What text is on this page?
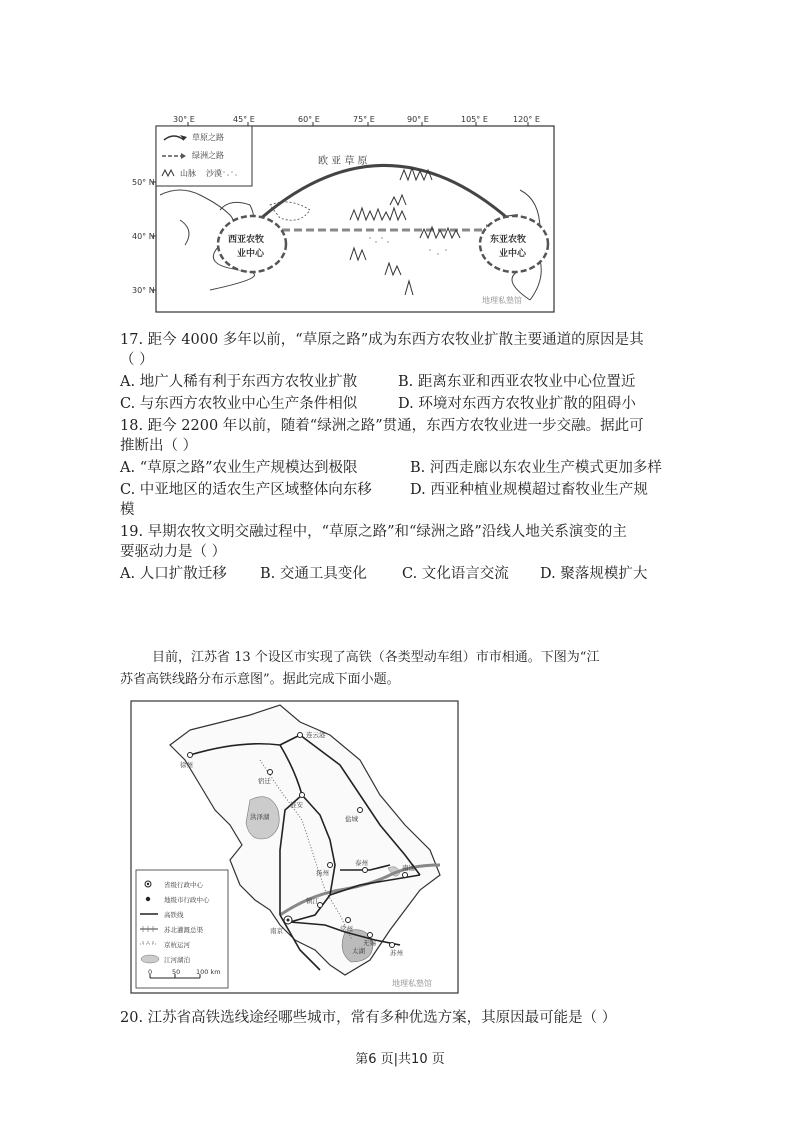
30° E	45° E	60° E	75° E	90° E	105° E	120° E
50° N
40° N
30° N
草原之路
绿洲之路
山脉 沙漠
欧 亚 草 原
西亚农牧
业中心
东亚农牧
业中心
地理私塾馆
17. 距今 4000 多年以前，“草原之路”成为东西方农牧业扩散主要通道的原因是其
（ ）
A. 地广人稀有利于东西方农牧业扩散	B. 距离东亚和西亚农牧业中心位置近
C. 与东西方农牧业中心生产条件相似	D. 环境对东西方农牧业扩散的阻碍小
18. 距今 2200 年以前，随着“绿洲之路”贯通，东西方农牧业进一步交融。据此可
推断出（ ）
A. “草原之路”农业生产规模达到极限	B. 河西走廊以东农业生产模式更加多样
C. 中亚地区的适农生产区域整体向东移	D. 西亚种植业规模超过畜牧业生产规
模
19. 早期农牧文明交融过程中，“草原之路”和“绿洲之路”沿线人地关系演变的主
要驱动力是（ ）
A. 人口扩散迁移 B. 交通工具变化 C. 文化语言交流 D. 聚落规模扩大
目前，江苏省 13 个设区市实现了高铁（各类型动车组）市市相通。下图为“江
苏省高铁线路分布示意图”。据此完成下面小题。
省级行政中心
地级市行政中心
高铁线
苏北灌溉总渠
京杭运河
江河湖泊
0	50 100 km
连云港
徐州
宿迁
淮安
盐城
扬州
泰州
南通
镇江
南京	常州
无锡
苏州
洪泽湖
太湖
地理私塾馆
20. 江苏省高铁选线途经哪些城市，常有多种优选方案，其原因最可能是（ ）
第6 页|共10 页
